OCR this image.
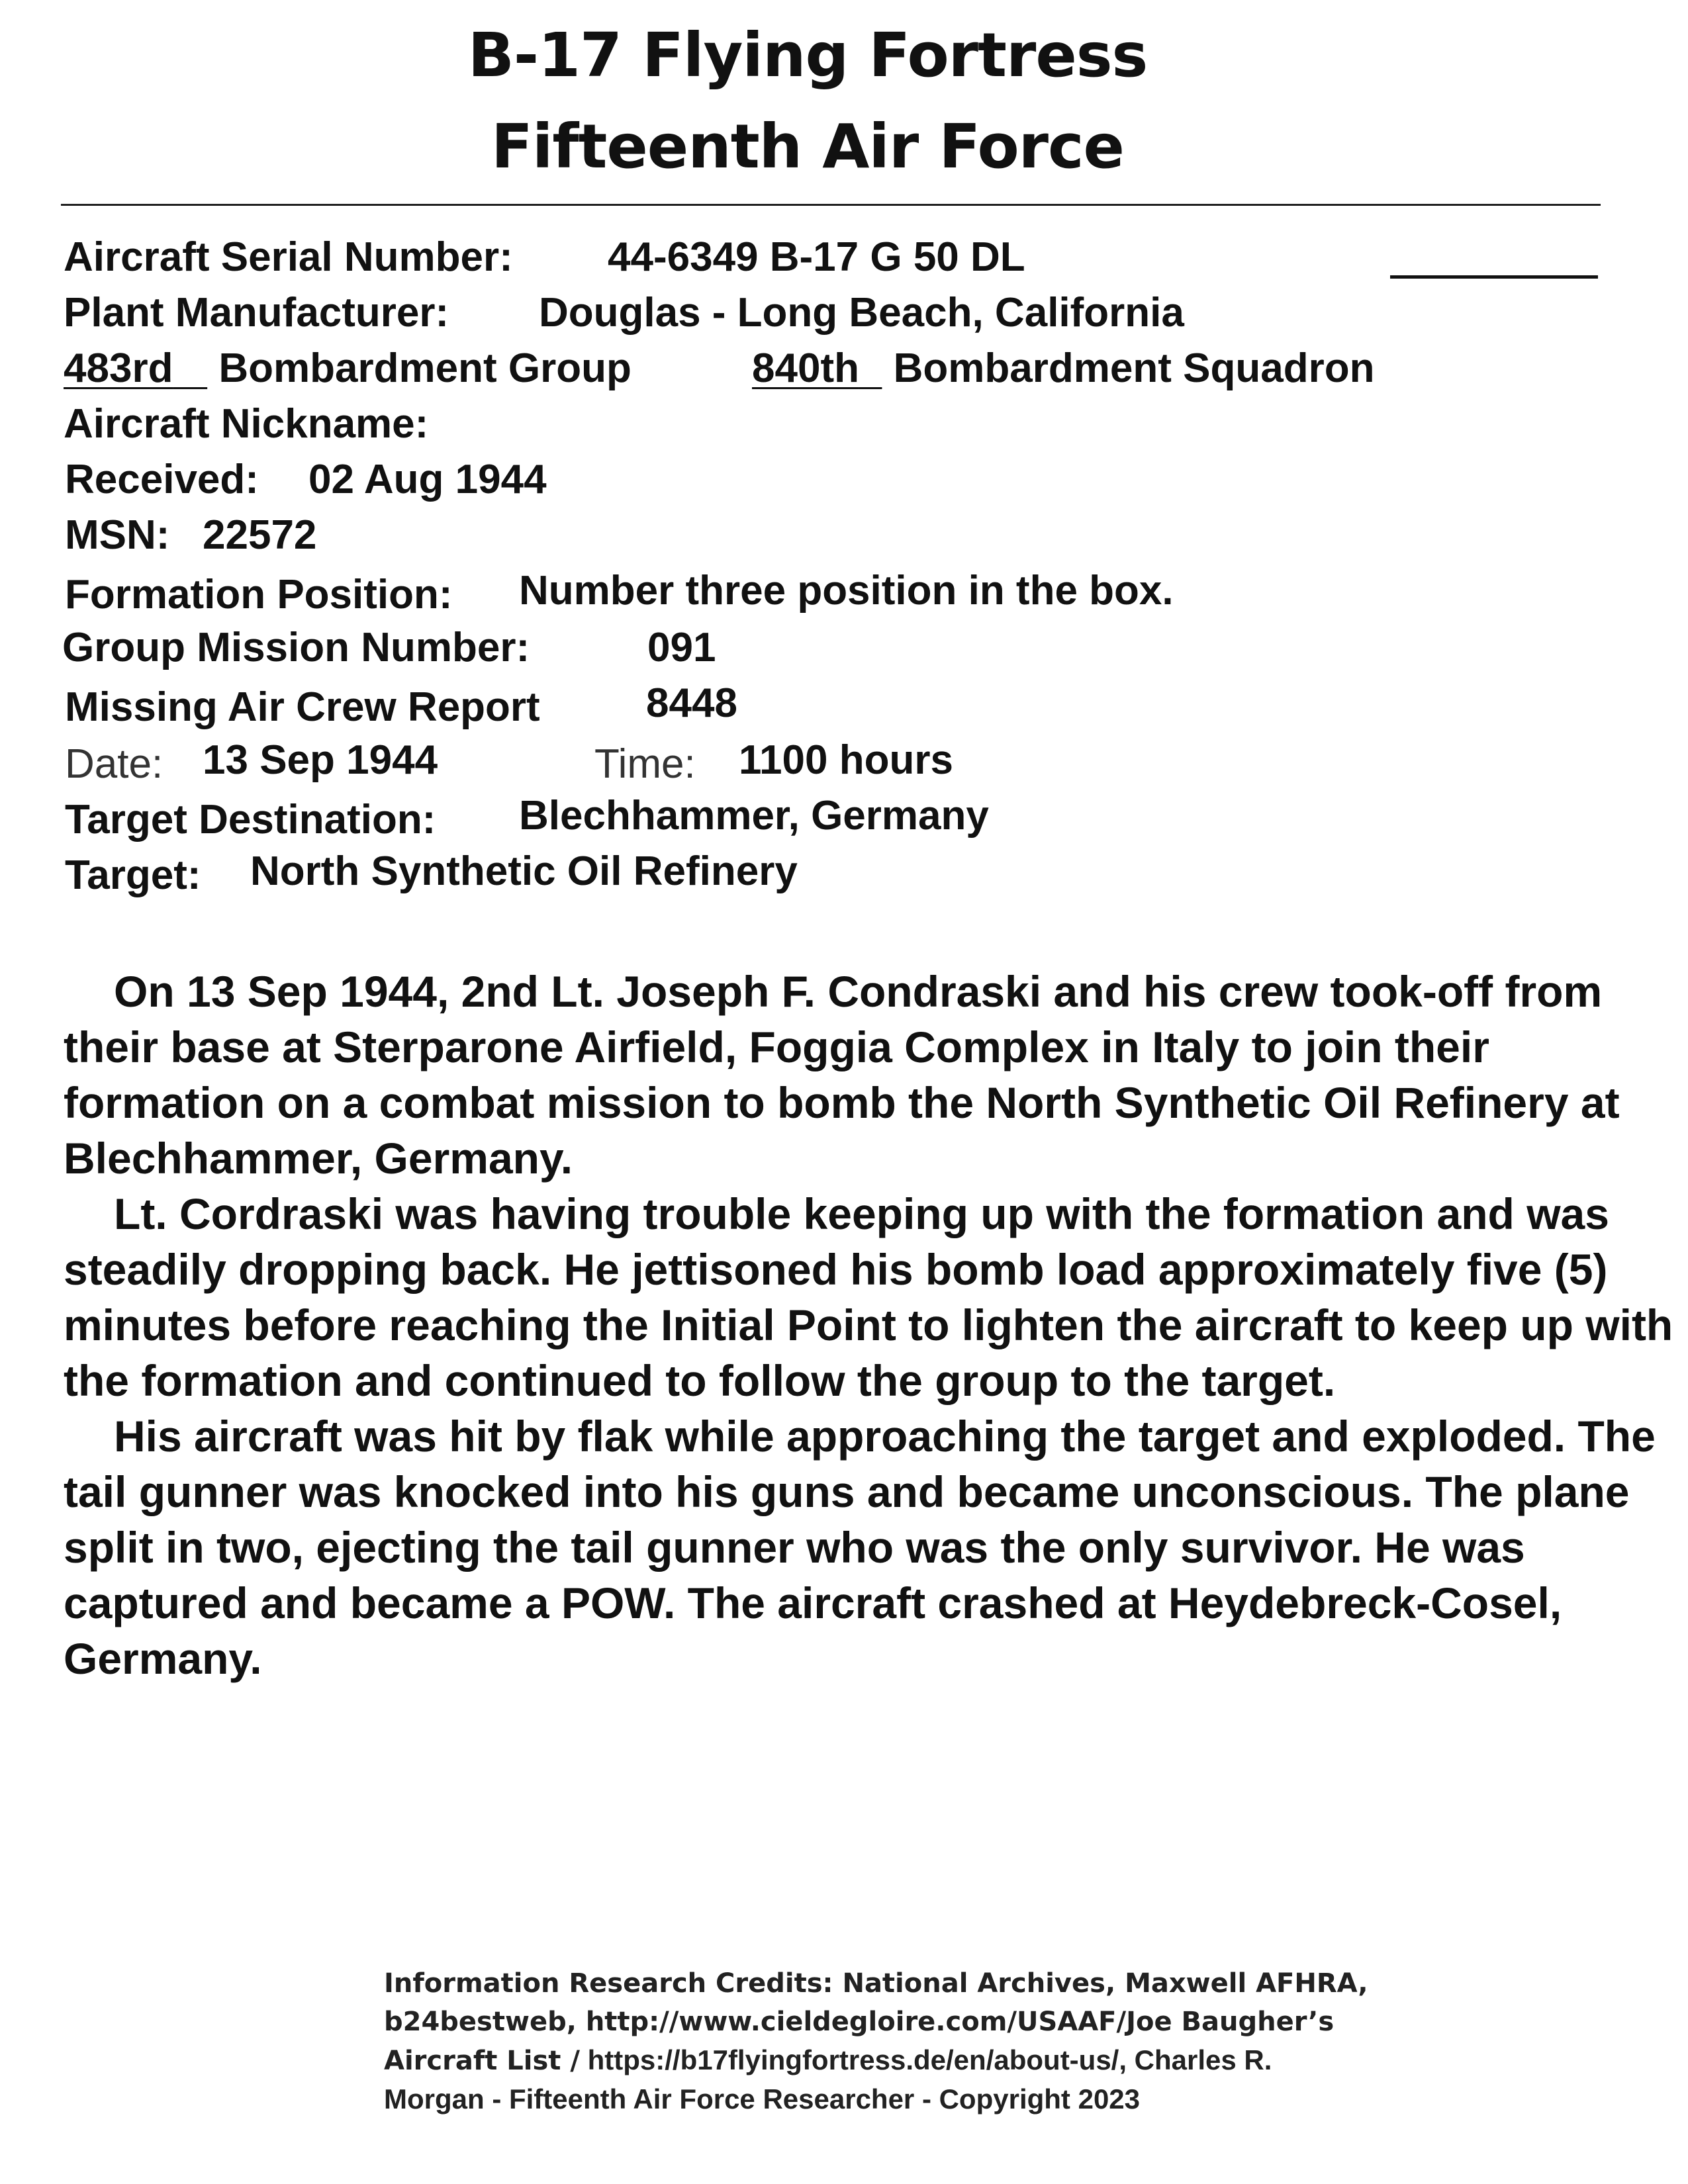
B-17 Flying Fortress
Fifteenth Air Force
Aircraft Serial Number: 44-6349 B-17 G 50 DL
Plant Manufacturer: Douglas - Long Beach, California
483rd Bombardment Group	840th Bombardment Squadron
Aircraft Nickname:
Received: 02 Aug 1944
MSN: 22572
Formation Position: Number three position in the box.
Group Mission Number:	091
Missing Air Crew Report	8448
Date: 13 Sep 1944	Time: 1100 hours
Target Destination: Blechhammer, Germany
Target: North Synthetic Oil Refinery

On 13 Sep 1944, 2nd Lt. Joseph F. Condraski and his crew took-off from their base at Sterparone Airfield, Foggia Complex in Italy to join their formation on a combat mission to bomb the North Synthetic Oil Refinery at Blechhammer, Germany.

Lt. Cordraski was having trouble keeping up with the formation and was steadily dropping back. He jettisoned his bomb load approximately five (5) minutes before reaching the Initial Point to lighten the aircraft to keep up with the formation and continued to follow the group to the target.

His aircraft was hit by flak while approaching the target and exploded. The tail gunner was knocked into his guns and became unconscious. The plane split in two, ejecting the tail gunner who was the only survivor. He was captured and became a POW. The aircraft crashed at Heydebreck-Cosel, Germany.

Information Research Credits: National Archives, Maxwell AFHRA,
b24bestweb, http://www.cieldegloire.com/USAAF/Joe Baugher’s
Aircraft List / https://b17flyingfortress.de/en/about-us/, Charles R.
Morgan - Fifteenth Air Force Researcher - Copyright 2023
